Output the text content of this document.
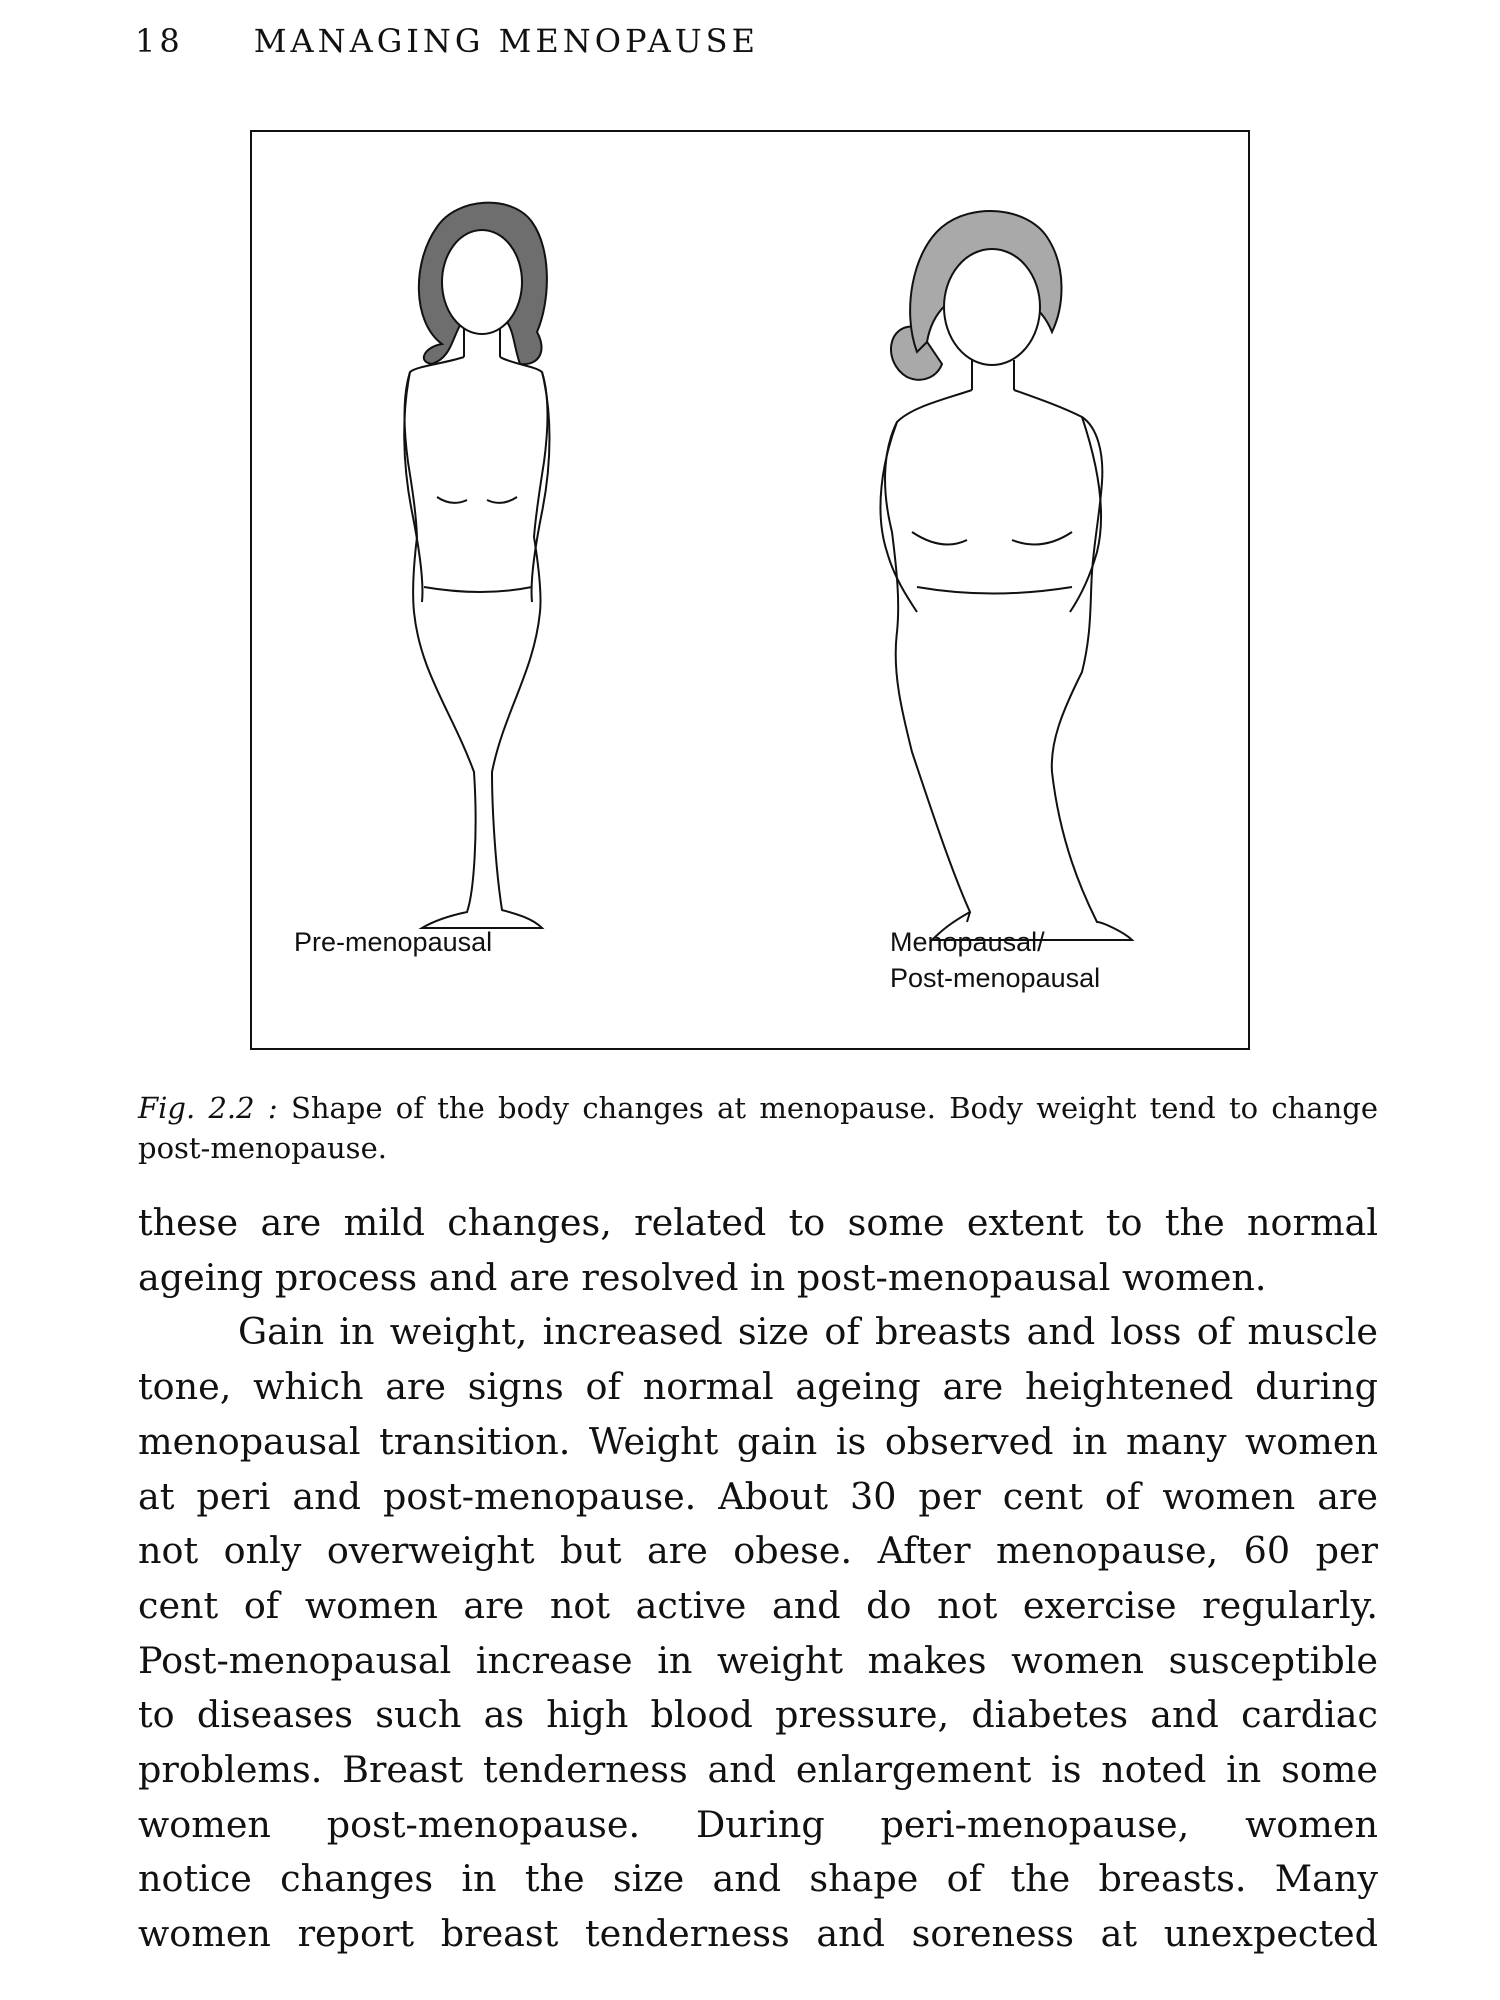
18 MANAGING MENOPAUSE
Pre-menopausal	Menopausal/
Post-menopausal
Fig. 2.2 : Shape of the body changes at menopause. Body weight tend to change post-menopause.

these are mild changes, related to some extent to the normal

ageing process and are resolved in post-menopausal women.

Gain in weight, increased size of breasts and loss of muscle

tone, which are signs of normal ageing are heightened during

menopausal transition. Weight gain is observed in many women

at peri and post-menopause. About 30 per cent of women are

not only overweight but are obese. After menopause, 60 per

cent of women are not active and do not exercise regularly.

Post-menopausal increase in weight makes women susceptible

to diseases such as high blood pressure, diabetes and cardiac

problems. Breast tenderness and enlargement is noted in some

women post-menopause. During peri-menopause, women

notice changes in the size and shape of the breasts. Many

women report breast tenderness and soreness at unexpected
